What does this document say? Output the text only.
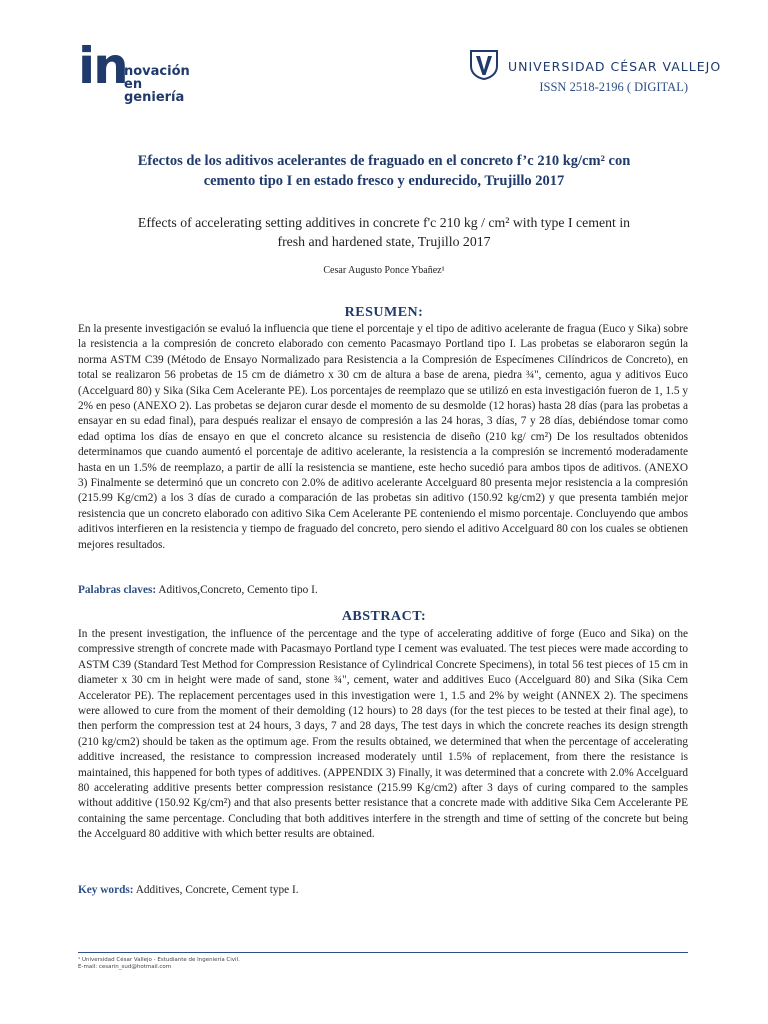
in
novación en
geniería
UNIVERSIDAD CÉSAR VALLEJO
ISSN 2518-2196 ( DIGITAL)
Efectos de los aditivos acelerantes de fraguado en el concreto f’c 210 kg/cm² con cemento tipo I en estado fresco y endurecido, Trujillo 2017
Effects of accelerating setting additives in concrete f'c 210 kg / cm² with type I cement in fresh and hardened state, Trujillo 2017
Cesar Augusto Ponce Ybañez¹
RESUMEN:
En la presente investigación se evaluó la influencia que tiene el porcentaje y el tipo de aditivo acelerante de fragua (Euco y Sika) sobre la resistencia a la compresión de concreto elaborado con cemento Pacasmayo Portland tipo I. Las probetas se elaboraron según la norma ASTM C39 (Método de Ensayo Normalizado para Resistencia a la Compresión de Especímenes Cilíndricos de Concreto), en total se realizaron 56 probetas de 15 cm de diámetro x 30 cm de altura a base de arena, piedra ¾'', cemento, agua y aditivos Euco (Accelguard 80) y Sika (Sika Cem Acelerante PE). Los porcentajes de reemplazo que se utilizó en esta investigación fueron de 1, 1.5 y 2% en peso (ANEXO 2). Las probetas se dejaron curar desde el momento de su desmolde (12 horas) hasta 28 días (para las probetas a ensayar en su edad final), para después realizar el ensayo de compresión a las 24 horas, 3 días, 7 y 28 días, debiéndose tomar como edad optima los días de ensayo en que el concreto alcance su resistencia de diseño (210 kg/ cm²) De los resultados obtenidos determinamos que cuando aumentó el porcentaje de aditivo acelerante, la resistencia a la compresión se incrementó moderadamente hasta en un 1.5% de reemplazo, a partir de allí la resistencia se mantiene, este hecho sucedió para ambos tipos de aditivos. (ANEXO 3) Finalmente se determinó que un concreto con 2.0% de aditivo acelerante Accelguard 80 presenta mejor resistencia a la compresión (215.99 Kg/cm2) a los 3 días de curado a comparación de las probetas sin aditivo (150.92 kg/cm2) y que presenta también mejor resistencia que un concreto elaborado con aditivo Sika Cem Acelerante PE conteniendo el mismo porcentaje. Concluyendo que ambos aditivos interfieren en la resistencia y tiempo de fraguado del concreto, pero siendo el aditivo Accelguard 80 con los cuales se obtienen mejores resultados.
Palabras claves: Aditivos,Concreto, Cemento tipo I.
ABSTRACT:
In the present investigation, the influence of the percentage and the type of accelerating additive of forge (Euco and Sika) on the compressive strength of concrete made with Pacasmayo Portland type I cement was evaluated. The test pieces were made according to ASTM C39 (Standard Test Method for Compression Resistance of Cylindrical Concrete Specimens), in total 56 test pieces of 15 cm in diameter x 30 cm in height were made of sand, stone ¾", cement, water and additives Euco (Accelguard 80) and Sika (Sika Cem Accelerator PE). The replacement percentages used in this investigation were 1, 1.5 and 2% by weight (ANNEX 2). The specimens were allowed to cure from the moment of their demolding (12 hours) to 28 days (for the test pieces to be tested at their final age), to then perform the compression test at 24 hours, 3 days, 7 and 28 days, The test days in which the concrete reaches its design strength (210 kg/cm2) should be taken as the optimum age. From the results obtained, we determined that when the percentage of accelerating additive increased, the resistance to compression increased moderately until 1.5% of replacement, from there the resistance is maintained, this happened for both types of additives. (APPENDIX 3) Finally, it was determined that a concrete with 2.0% Accelguard 80 accelerating additive presents better compression resistance (215.99 Kg/cm2) after 3 days of curing compared to the samples without additive (150.92 Kg/cm²) and that also presents better resistance that a concrete made with additive Sika Cem Accelerante PE containing the same percentage. Concluding that both additives interfere in the strength and time of setting of the concrete but being the Accelguard 80 additive with which better results are obtained.
Key words: Additives, Concrete, Cement type I.
¹ Universidad César Vallejo - Estudiante de Ingeniería Civil.
E-mail: cesarin_sud@hotmail.com
